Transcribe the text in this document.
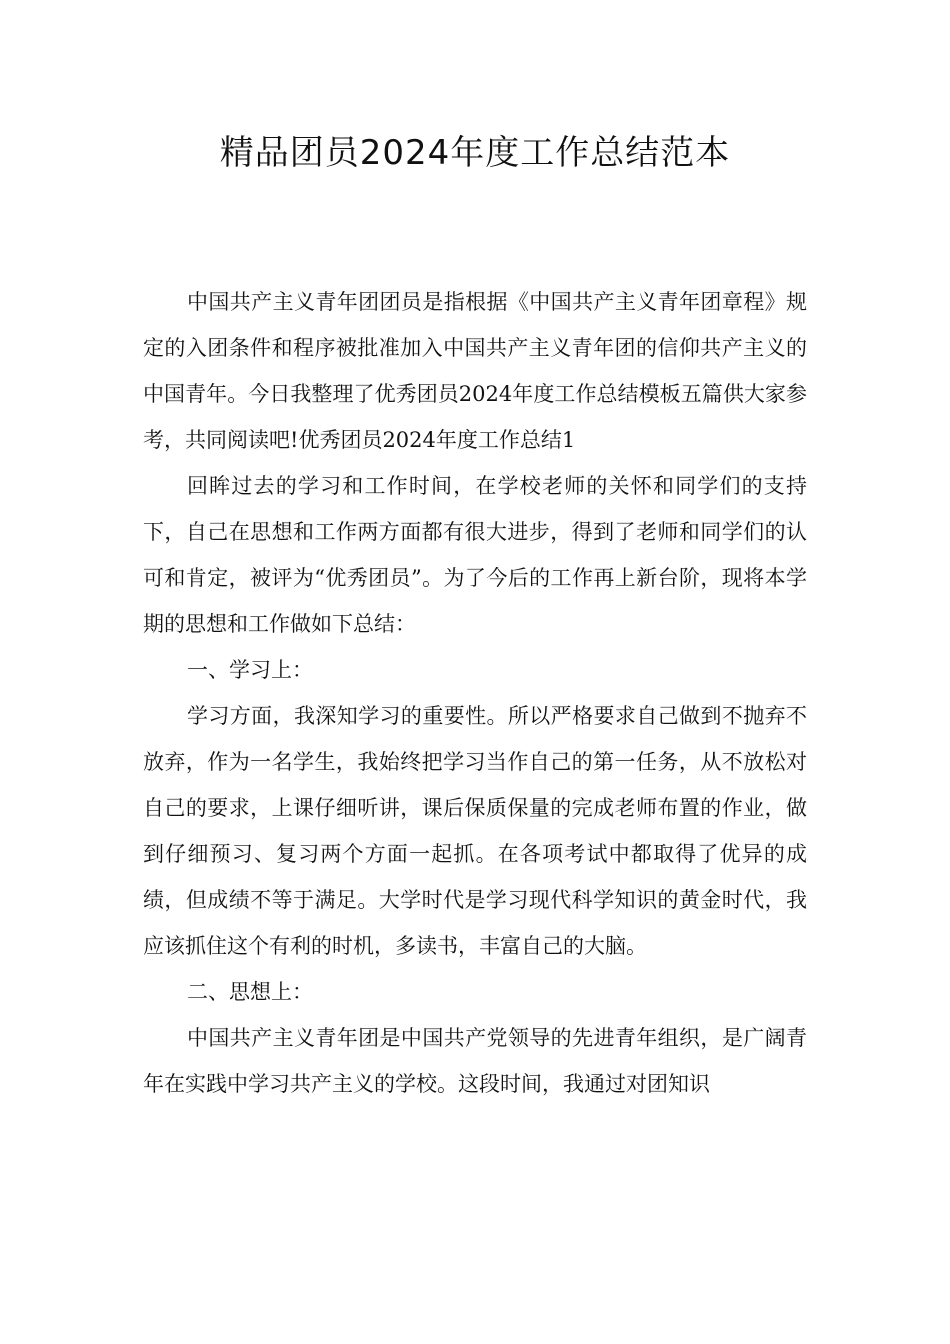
精品团员2024年度工作总结范本

中国共产主义青年团团员是指根据《中国共产主义青年团章程》规定的入团条件和程序被批准加入中国共产主义青年团的信仰共产主义的中国青年。今日我整理了优秀团员2024年度工作总结模板五篇供大家参考，共同阅读吧!优秀团员2024年度工作总结1

回眸过去的学习和工作时间，在学校老师的关怀和同学们的支持下，自己在思想和工作两方面都有很大进步，得到了老师和同学们的认可和肯定，被评为“优秀团员”。为了今后的工作再上新台阶，现将本学期的思想和工作做如下总结：

一、学习上：

学习方面，我深知学习的重要性。所以严格要求自己做到不抛弃不放弃，作为一名学生，我始终把学习当作自己的第一任务，从不放松对自己的要求，上课仔细听讲，课后保质保量的完成老师布置的作业，做到仔细预习、复习两个方面一起抓。在各项考试中都取得了优异的成绩，但成绩不等于满足。大学时代是学习现代科学知识的黄金时代，我应该抓住这个有利的时机，多读书，丰富自己的大脑。

二、思想上：

中国共产主义青年团是中国共产党领导的先进青年组织，是广阔青年在实践中学习共产主义的学校。这段时间，我通过对团知识
